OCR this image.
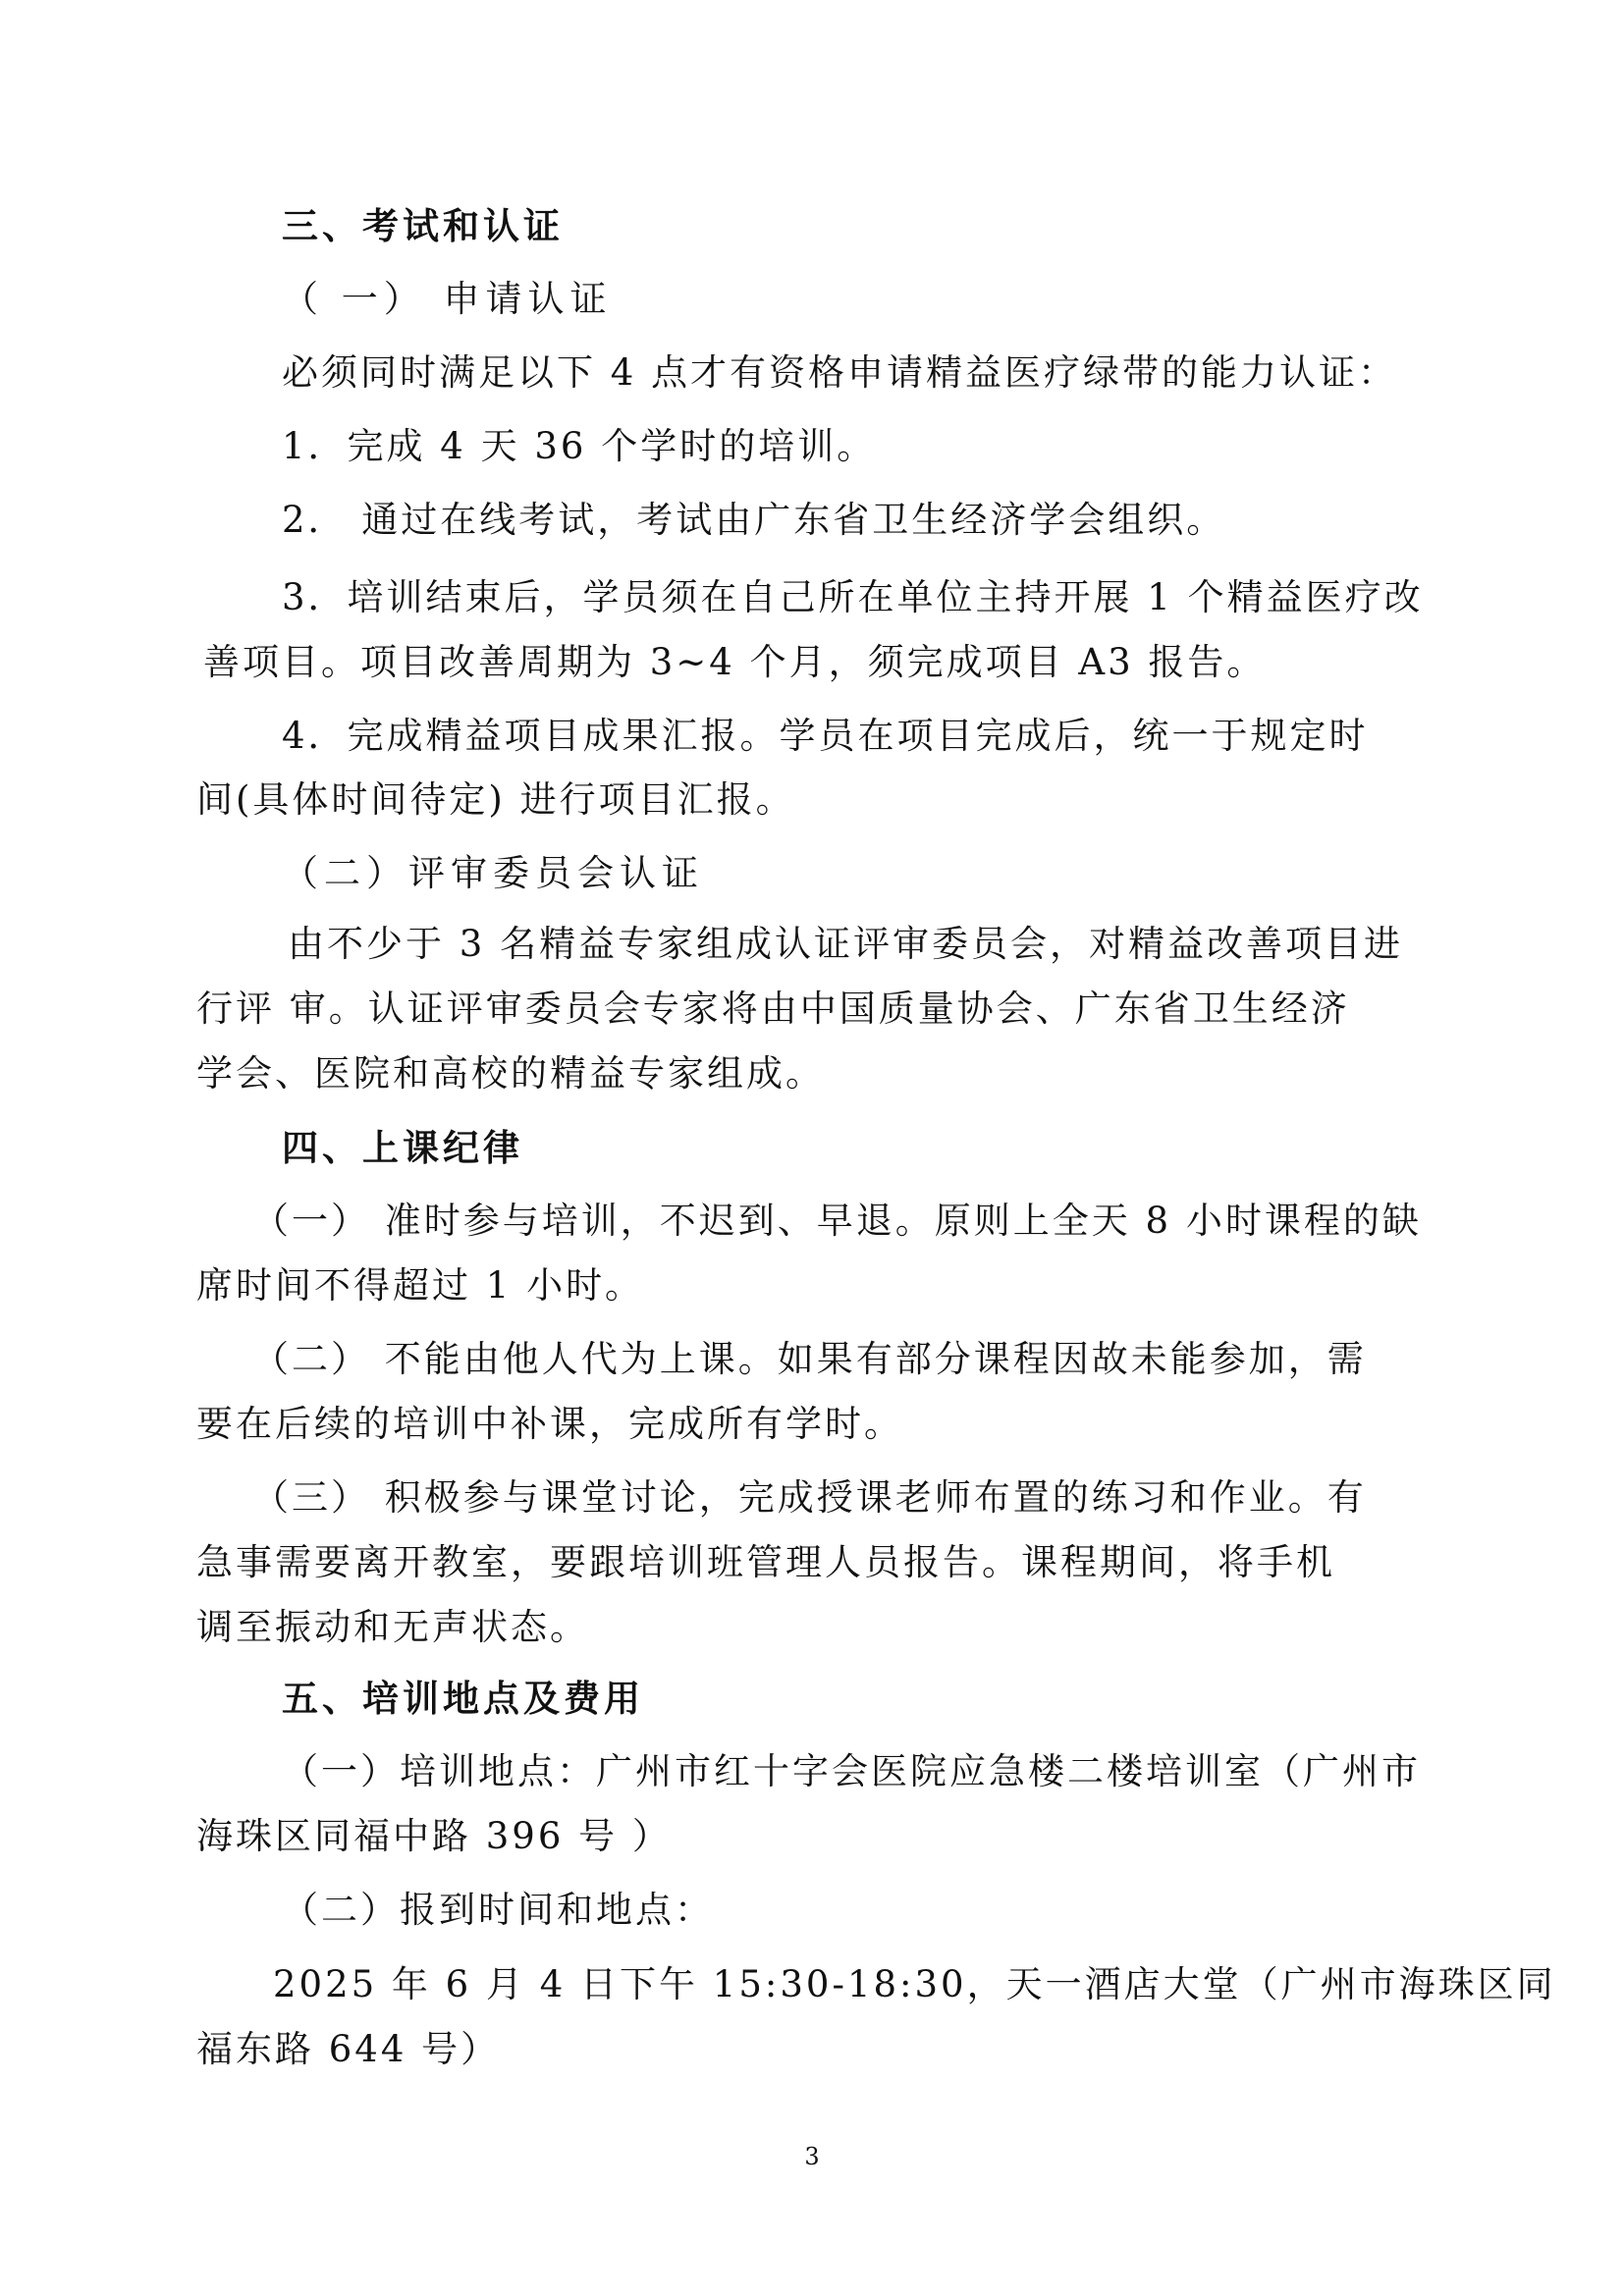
三、考试和认证

（ 一） 申请认证

必须同时满足以下 4 点才有资格申请精益医疗绿带的能力认证：

1．完成 4 天 36 个学时的培训。

2． 通过在线考试，考试由广东省卫生经济学会组织。

3．培训结束后，学员须在自己所在单位主持开展 1 个精益医疗改

善项目。项目改善周期为 3~4 个月，须完成项目 A3 报告。

4．完成精益项目成果汇报。学员在项目完成后，统一于规定时

间(具体时间待定) 进行项目汇报。

（二）评审委员会认证

由不少于 3 名精益专家组成认证评审委员会，对精益改善项目进

行评 审。认证评审委员会专家将由中国质量协会、广东省卫生经济

学会、医院和高校的精益专家组成。

四、上课纪律

（一） 准时参与培训，不迟到、早退。原则上全天 8 小时课程的缺

席时间不得超过 1 小时。

（二） 不能由他人代为上课。如果有部分课程因故未能参加，需

要在后续的培训中补课，完成所有学时。

（三） 积极参与课堂讨论，完成授课老师布置的练习和作业。有

急事需要离开教室，要跟培训班管理人员报告。课程期间，将手机

调至振动和无声状态。

五、培训地点及费用

（一）培训地点：广州市红十字会医院应急楼二楼培训室（广州市

海珠区同福中路 396 号 ）

（二）报到时间和地点：

2025 年 6 月 4 日下午 15:30-18:30，天一酒店大堂（广州市海珠区同

福东路 644 号）

3
